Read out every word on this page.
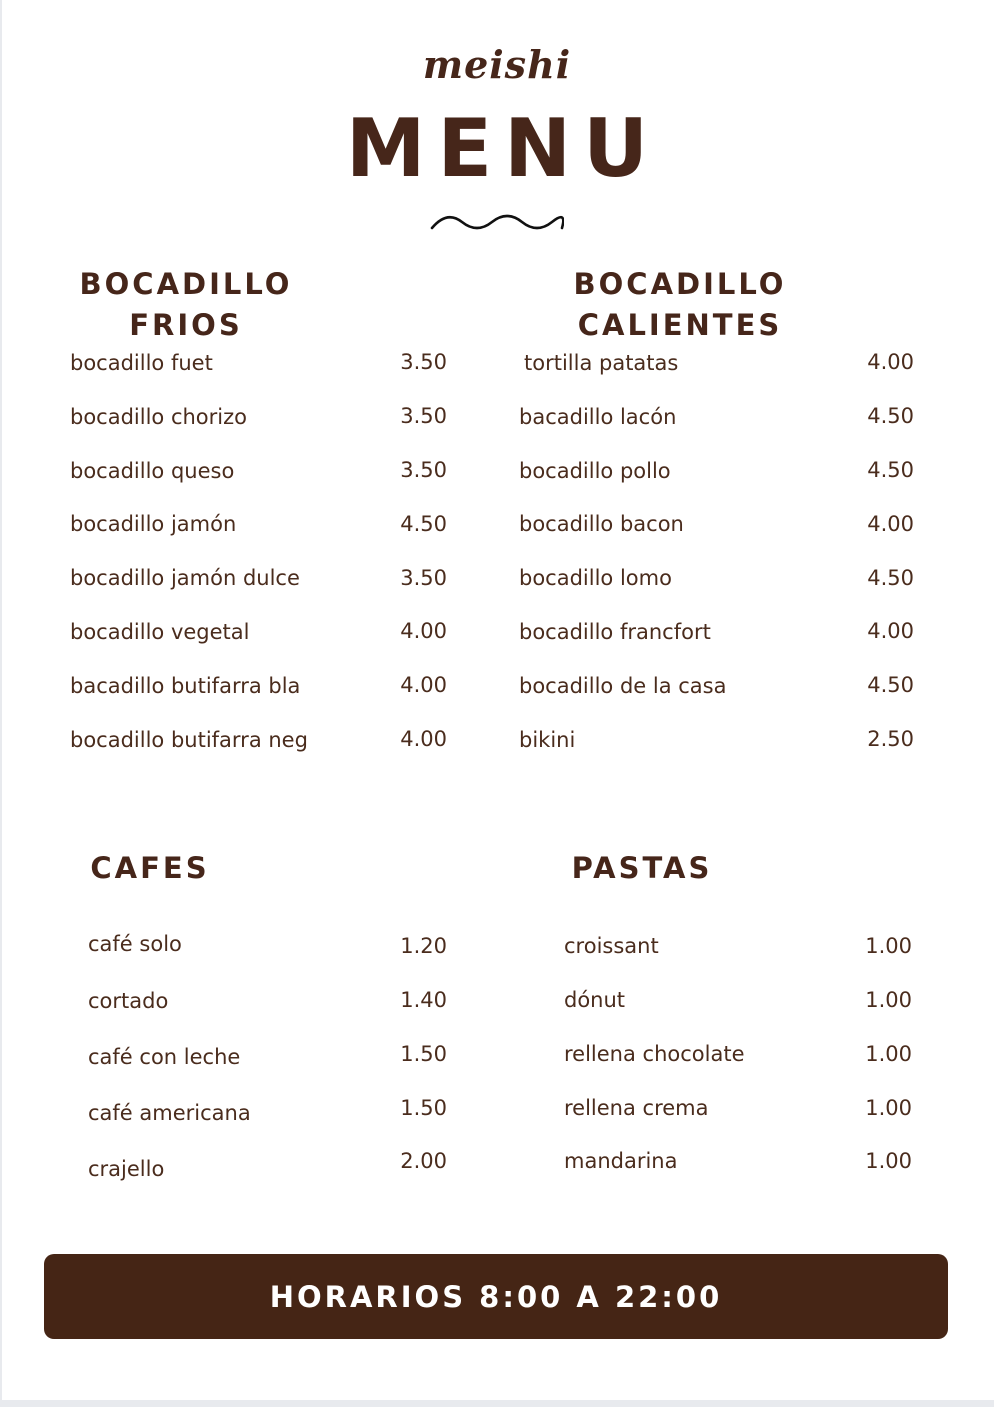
meishi
MENU
BOCADILLO
FRIOS
BOCADILLO
CALIENTES
CAFES	PASTAS
bocadillo fuet	3.50
bocadillo chorizo	3.50
bocadillo queso	3.50
bocadillo jamón	4.50
bocadillo jamón dulce	3.50
bocadillo vegetal	4.00
bacadillo butifarra bla	4.00
bocadillo butifarra neg	4.00
tortilla patatas	4.00
bacadillo lacón	4.50
bocadillo pollo	4.50
bocadillo bacon	4.00
bocadillo lomo	4.50
bocadillo francfort	4.00
bocadillo de la casa	4.50
bikini	2.50
café solo	1.20
cortado	1.40
café con leche	1.50
café americana	1.50
crajello	2.00
croissant	1.00
dónut	1.00
rellena chocolate	1.00
rellena crema	1.00
mandarina	1.00
HORARIOS 8:00 A 22:00
